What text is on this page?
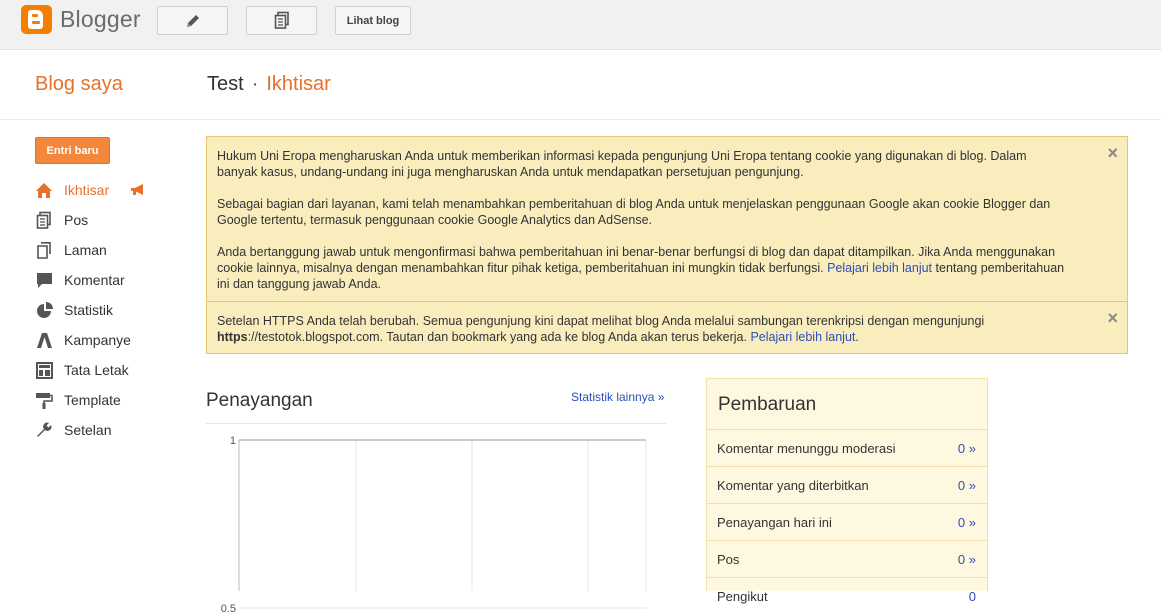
Blogger	Lihat blog
Blog saya	Test · Ikhtisar
Entri baru
Ikhtisar
Pos
Laman
Komentar
Statistik
Kampanye
Tata Letak
Template
Setelan

Hukum Uni Eropa mengharuskan Anda untuk memberikan informasi kepada pengunjung Uni Eropa tentang cookie yang digunakan di blog. Dalam banyak kasus, undang-undang ini juga mengharuskan Anda untuk mendapatkan persetujuan pengunjung.

Sebagai bagian dari layanan, kami telah menambahkan pemberitahuan di blog Anda untuk menjelaskan penggunaan Google akan cookie Blogger dan Google tertentu, termasuk penggunaan cookie Google Analytics dan AdSense.

Anda bertanggung jawab untuk mengonfirmasi bahwa pemberitahuan ini benar-benar berfungsi di blog dan dapat ditampilkan. Jika Anda menggunakan cookie lainnya, misalnya dengan menambahkan fitur pihak ketiga, pemberitahuan ini mungkin tidak berfungsi. Pelajari lebih lanjut tentang pemberitahuan ini dan tanggung jawab Anda.

×

Setelan HTTPS Anda telah berubah. Semua pengunjung kini dapat melihat blog Anda melalui sambungan terenkripsi dengan mengunjungi https://testotok.blogspot.com. Tautan dan bookmark yang ada ke blog Anda akan terus bekerja. Pelajari lebih lanjut.

×
Penayangan	Statistik lainnya »
1
0.5
Pembaruan
Komentar menunggu moderasi	0 »
Komentar yang diterbitkan	0 »
Penayangan hari ini	0 »
Pos	0 »
Pengikut	0
